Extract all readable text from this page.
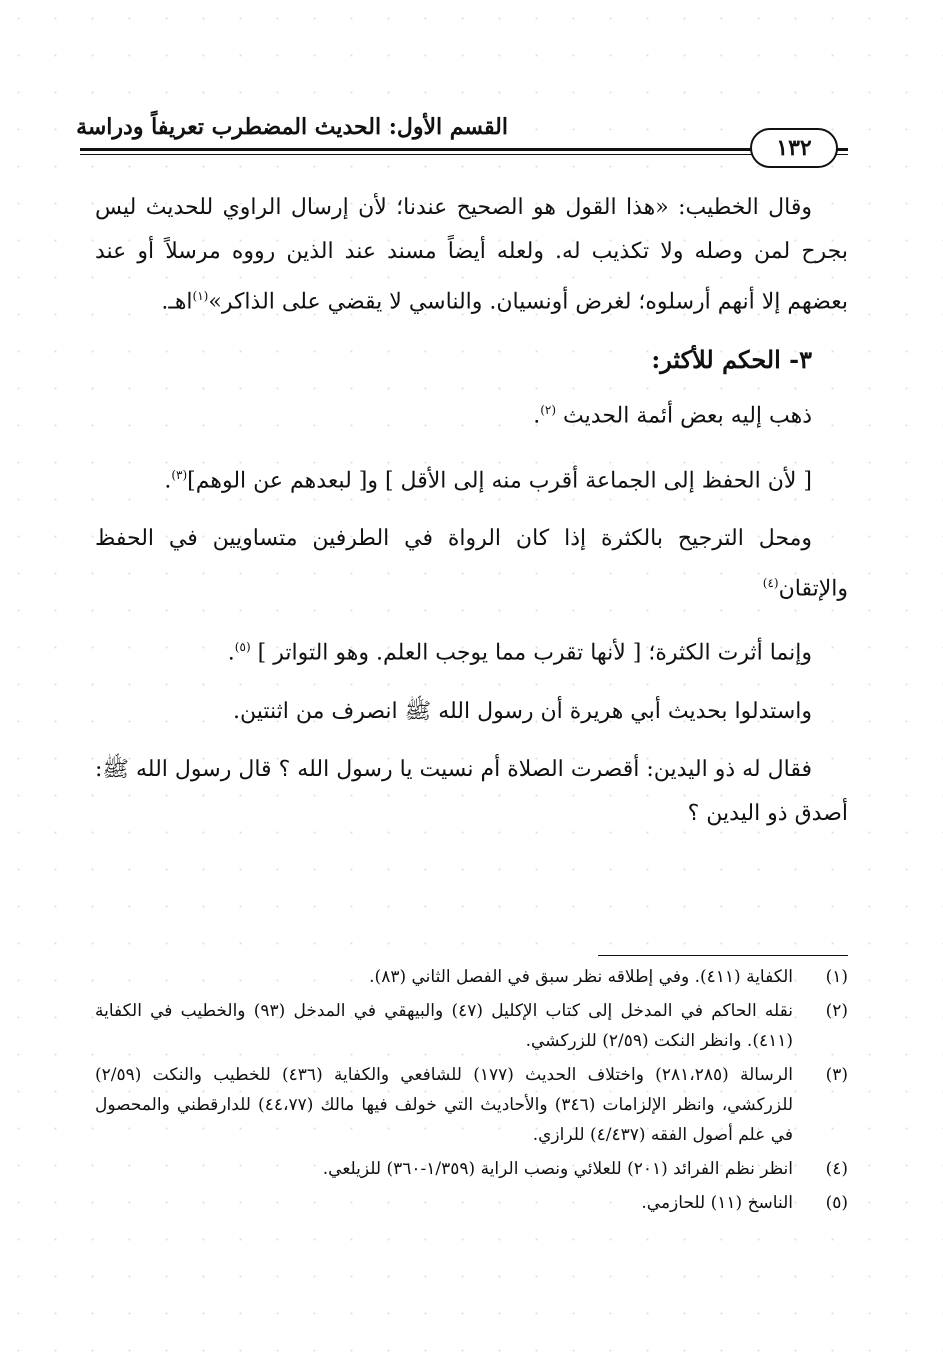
القسم الأول: الحديث المضطرب تعريفاً ودراسة
١٣٢

وقال الخطيب: «هذا القول هو الصحيح عندنا؛ لأن إرسال الراوي للحديث ليس بجرح لمن وصله ولا تكذيب له. ولعله أيضاً مسند عند الذين رووه مرسلاً أو عند بعضهم إلا أنهم أرسلوه؛ لغرض أونسيان. والناسي لا يقضي على الذاكر»$^{(١)}$اهـ.

٣- الحكم للأكثر:

ذهب إليه بعض أئمة الحديث $^{(٢)}$.

[ لأن الحفظ إلى الجماعة أقرب منه إلى الأقل ] و[ لبعدهم عن الوهم]$^{(٣)}$.

ومحل الترجيح بالكثرة إذا كان الرواة في الطرفين متساويين في الحفظ والإتقان$^{(٤)}$

وإنما أثرت الكثرة؛ [ لأنها تقرب مما يوجب العلم. وهو التواتر ] $^{(٥)}$.

واستدلوا بحديث أبي هريرة أن رسول الله ﷺ انصرف من اثنتين.

فقال له ذو اليدين: أقصرت الصلاة أم نسيت يا رسول الله ؟ قال رسول الله ﷺ: أصدق ذو اليدين ؟

(١)
الكفاية (٤١١). وفي إطلاقه نظر سبق في الفصل الثاني (٨٣).
(٢)
نقله الحاكم في المدخل إلى كتاب الإكليل (٤٧) والبيهقي في المدخل (٩٣) والخطيب في الكفاية (٤١١). وانظر النكت (٢/٥٩) للزركشي.
(٣)
الرسالة (٢٨١،٢٨٥) واختلاف الحديث (١٧٧) للشافعي والكفاية (٤٣٦) للخطيب والنكت (٢/٥٩) للزركشي، وانظر الإلزامات (٣٤٦) والأحاديث التي خولف فيها مالك (٤٤،٧٧) للدارقطني والمحصول في علم أصول الفقه (٤/٤٣٧) للرازي.
(٤)
انظر نظم الفرائد (٢٠١) للعلائي ونصب الراية (١/٣٥٩-٣٦٠) للزيلعي.
(٥)
الناسخ (١١) للحازمي.
